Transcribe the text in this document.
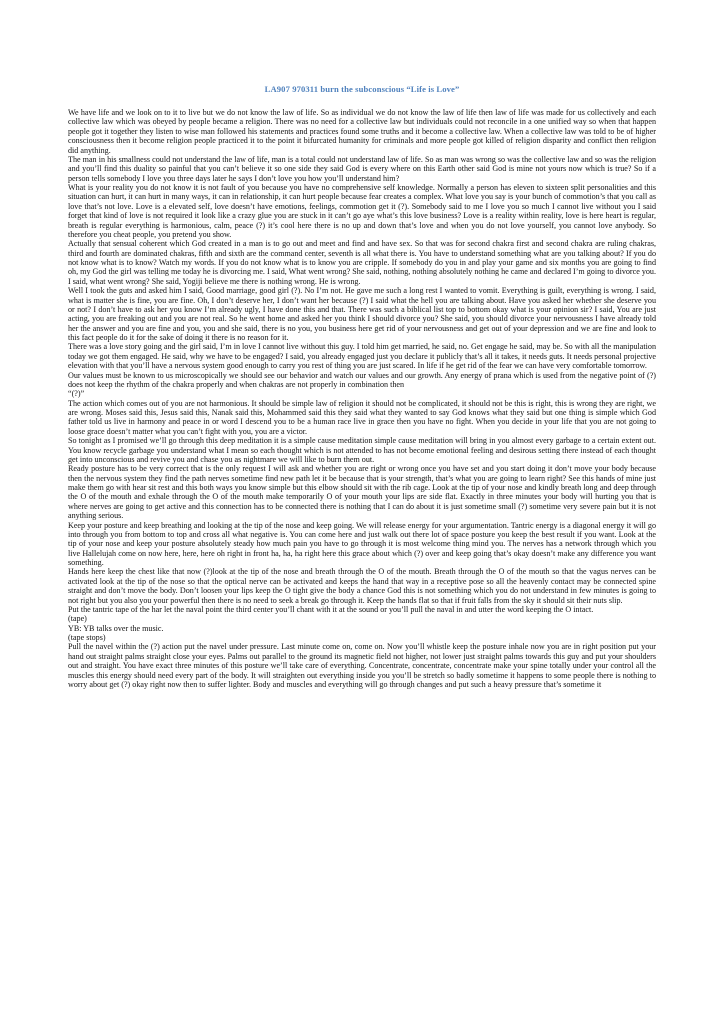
LA907 970311 burn the subconscious “Life is Love”

We have life and we look on to it to live but we do not know the law of life. So as individual we do not know the law of life then law of life was made for us collectively and each collective law which was obeyed by people became a religion. There was no need for a collective law but individuals could not reconcile in a one unified way so when that happen people got it together they listen to wise man followed his statements and practices found some truths and it become a collective law. When a collective law was told to be of higher consciousness then it become religion people practiced it to the point it bifurcated humanity for criminals and more people got killed of religion disparity and conflict then religion did anything.

The man in his smallness could not understand the law of life, man is a total could not understand law of life. So as man was wrong so was the collective law and so was the religion and you’ll find this duality so painful that you can’t believe it so one side they said God is every where on this Earth other said God is mine not yours now which is true? So if a person tells somebody I love you three days later he says I don’t love you how you’ll understand him?

What is your reality you do not know it is not fault of you because you have no comprehensive self knowledge. Normally a person has eleven to sixteen split personalities and this situation can hurt, it can hurt in many ways, it can in relationship, it can hurt people because fear creates a complex. What love you say is your bunch of commotion’s that you call as love that’s not love. Love is a elevated self, love doesn’t have emotions, feelings, commotion get it (?). Somebody said to me I love you so much I cannot live without you I said forget that kind of love is not required it look like a crazy glue you are stuck in it can’t go aye what’s this love business? Love is a reality within reality, love is here heart is regular, breath is regular everything is harmonious, calm, peace (?) it’s cool here there is no up and down that’s love and when you do not love yourself, you cannot love anybody. So therefore you cheat people, you pretend you show.

Actually that sensual coherent which God created in a man is to go out and meet and find and have sex. So that was for second chakra first and second chakra are ruling chakras, third and fourth are dominated chakras, fifth and sixth are the command center, seventh is all what there is. You have to understand something what are you talking about? If you do not know what is to know? Watch my words. If you do not know what is to know you are cripple. If somebody do you in and play your game and six months you are going to find oh, my God the girl was telling me today he is divorcing me. I said, What went wrong? She said, nothing, nothing absolutely nothing he came and declared I’m going to divorce you. I said, what went wrong? She said, Yogiji believe me there is nothing wrong. He is wrong.

Well I took the guts and asked him I said, Good marriage, good girl (?). No I’m not. He gave me such a long rest I wanted to vomit. Everything is guilt, everything is wrong. I said, what is matter she is fine, you are fine. Oh, I don’t deserve her, I don’t want her because (?) I said what the hell you are talking about. Have you asked her whether she deserve you or not? I don’t have to ask her you know I’m already ugly, I have done this and that. There was such a biblical list top to bottom okay what is your opinion sir? I said, You are just acting, you are freaking out and you are not real. So he went home and asked her you think I should divorce you? She said, you should divorce your nervousness I have already told her the answer and you are fine and you, you and she said, there is no you, you business here get rid of your nervousness and get out of your depression and we are fine and look to this fact people do it for the sake of doing it there is no reason for it.

There was a love story going and the girl said, I’m in love I cannot live without this guy. I told him get married, he said, no. Get engage he said, may be. So with all the manipulation today we got them engaged. He said, why we have to be engaged? I said, you already engaged just you declare it publicly that’s all it takes, it needs guts. It needs personal projective elevation with that you’ll have a nervous system good enough to carry you rest of thing you are just scared. In life if he get rid of the fear we can have very comfortable tomorrow.

Our values must be known to us microscopically we should see our behavior and watch our values and our growth. Any energy of prana which is used from the negative point of (?) does not keep the rhythm of the chakra properly and when chakras are not properly in combination then

“(?)”

The action which comes out of you are not harmonious. It should be simple law of religion it should not be complicated, it should not be this is right, this is wrong they are right, we are wrong. Moses said this, Jesus said this, Nanak said this, Mohammed said this they said what they wanted to say God knows what they said but one thing is simple which God father told us live in harmony and peace in or word I descend you to be a human race live in grace then you have no fight. When you decide in your life that you are not going to loose grace doesn’t matter what you can’t fight with you, you are a victor.

So tonight as I promised we’ll go through this deep meditation it is a simple cause meditation simple cause meditation will bring in you almost every garbage to a certain extent out. You know recycle garbage you understand what I mean so each thought which is not attended to has not become emotional feeling and desirous setting there instead of each thought get into unconscious and revive you and chase you as nightmare we will like to burn them out.

Ready posture has to be very correct that is the only request I will ask and whether you are right or wrong once you have set and you start doing it don’t move your body because then the nervous system they find the path nerves sometime find new path let it be because that is your strength, that’s what you are going to learn right? See this hands of mine just make them go with hear sit rest and this both ways you know simple but this elbow should sit with the rib cage. Look at the tip of your nose and kindly breath long and deep through the O of the mouth and exhale through the O of the mouth make temporarily O of your mouth your lips are side flat. Exactly in three minutes your body will hurting you that is where nerves are going to get active and this connection has to be connected there is nothing that I can do about it is just sometime small (?) sometime very severe pain but it is not anything serious.

Keep your posture and keep breathing and looking at the tip of the nose and keep going. We will release energy for your argumentation. Tantric energy is a diagonal energy it will go into through you from bottom to top and cross all what negative is. You can come here and just walk out there lot of space posture you keep the best result if you want. Look at the tip of your nose and keep your posture absolutely steady how much pain you have to go through it is most welcome thing mind you. The nerves has a network through which you live Hallelujah come on now here, here, here oh right in front ha, ha, ha right here this grace about which (?) over and keep going that’s okay doesn’t make any difference you want something.

Hands here keep the chest like that now (?)look at the tip of the nose and breath through the O of the mouth. Breath through the O of the mouth so that the vagus nerves can be activated look at the tip of the nose so that the optical nerve can be activated and keeps the hand that way in a receptive pose so all the heavenly contact may be connected spine straight and don’t move the body. Don’t loosen your lips keep the O tight give the body a chance God this is not something which you do not understand in few minutes is going to not right but you also you your powerful then there is no need to seek a break go through it. Keep the hands flat so that if fruit falls from the sky it should sit their nuts slip.

Put the tantric tape of the har let the naval point the third center you’ll chant with it at the sound or you’ll pull the naval in and utter the word keeping the O intact.

(tape)

YB: YB talks over the music.

(tape stops)

Pull the navel within the (?) action put the navel under pressure. Last minute come on, come on. Now you’ll whistle keep the posture inhale now you are in right position put your hand out straight palms straight close your eyes. Palms out parallel to the ground its magnetic field not higher, not lower just straight palms towards this guy and put your shoulders out and straight. You have exact three minutes of this posture we’ll take care of everything. Concentrate, concentrate, concentrate make your spine totally under your control all the muscles this energy should need every part of the body. It will straighten out everything inside you you’ll be stretch so badly sometime it happens to some people there is nothing to worry about get (?) okay right now then to suffer lighter. Body and muscles and everything will go through changes and put such a heavy pressure that’s sometime it
